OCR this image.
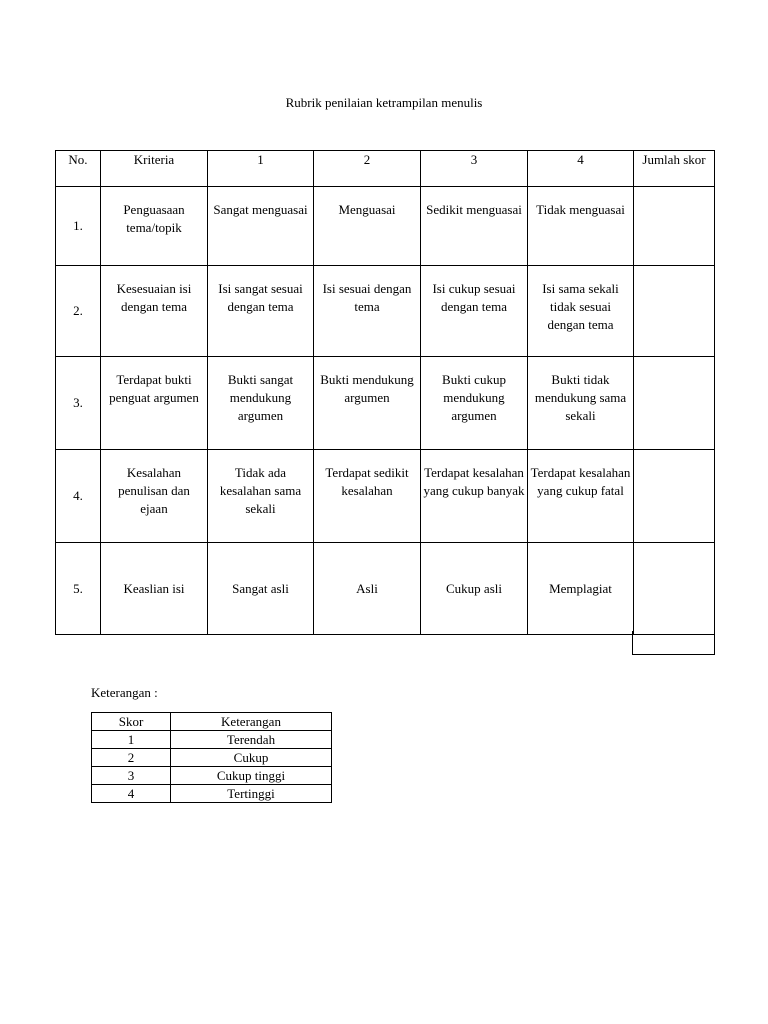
Rubrik penilaian ketrampilan menulis
No.	Kriteria	1	2	3	4	Jumlah skor
1.	Penguasaan tema/topik	Sangat menguasai	Menguasai	Sedikit menguasai	Tidak menguasai	
2.	Kesesuaian isi dengan tema	Isi sangat sesuai dengan tema	Isi sesuai dengan tema	Isi cukup sesuai dengan tema	Isi sama sekali tidak sesuai dengan tema	
3.	Terdapat bukti penguat argumen	Bukti sangat mendukung argumen	Bukti mendukung argumen	Bukti cukup mendukung argumen	Bukti tidak mendukung sama sekali	
4.	Kesalahan penulisan dan ejaan	Tidak ada kesalahan sama sekali	Terdapat sedikit kesalahan	Terdapat kesalahan yang cukup banyak	Terdapat kesalahan yang cukup fatal	
5.	Keaslian isi	Sangat asli	Asli	Cukup asli	Memplagiat	
Keterangan :
Skor	Keterangan
1	Terendah
2	Cukup
3	Cukup tinggi
4	Tertinggi
